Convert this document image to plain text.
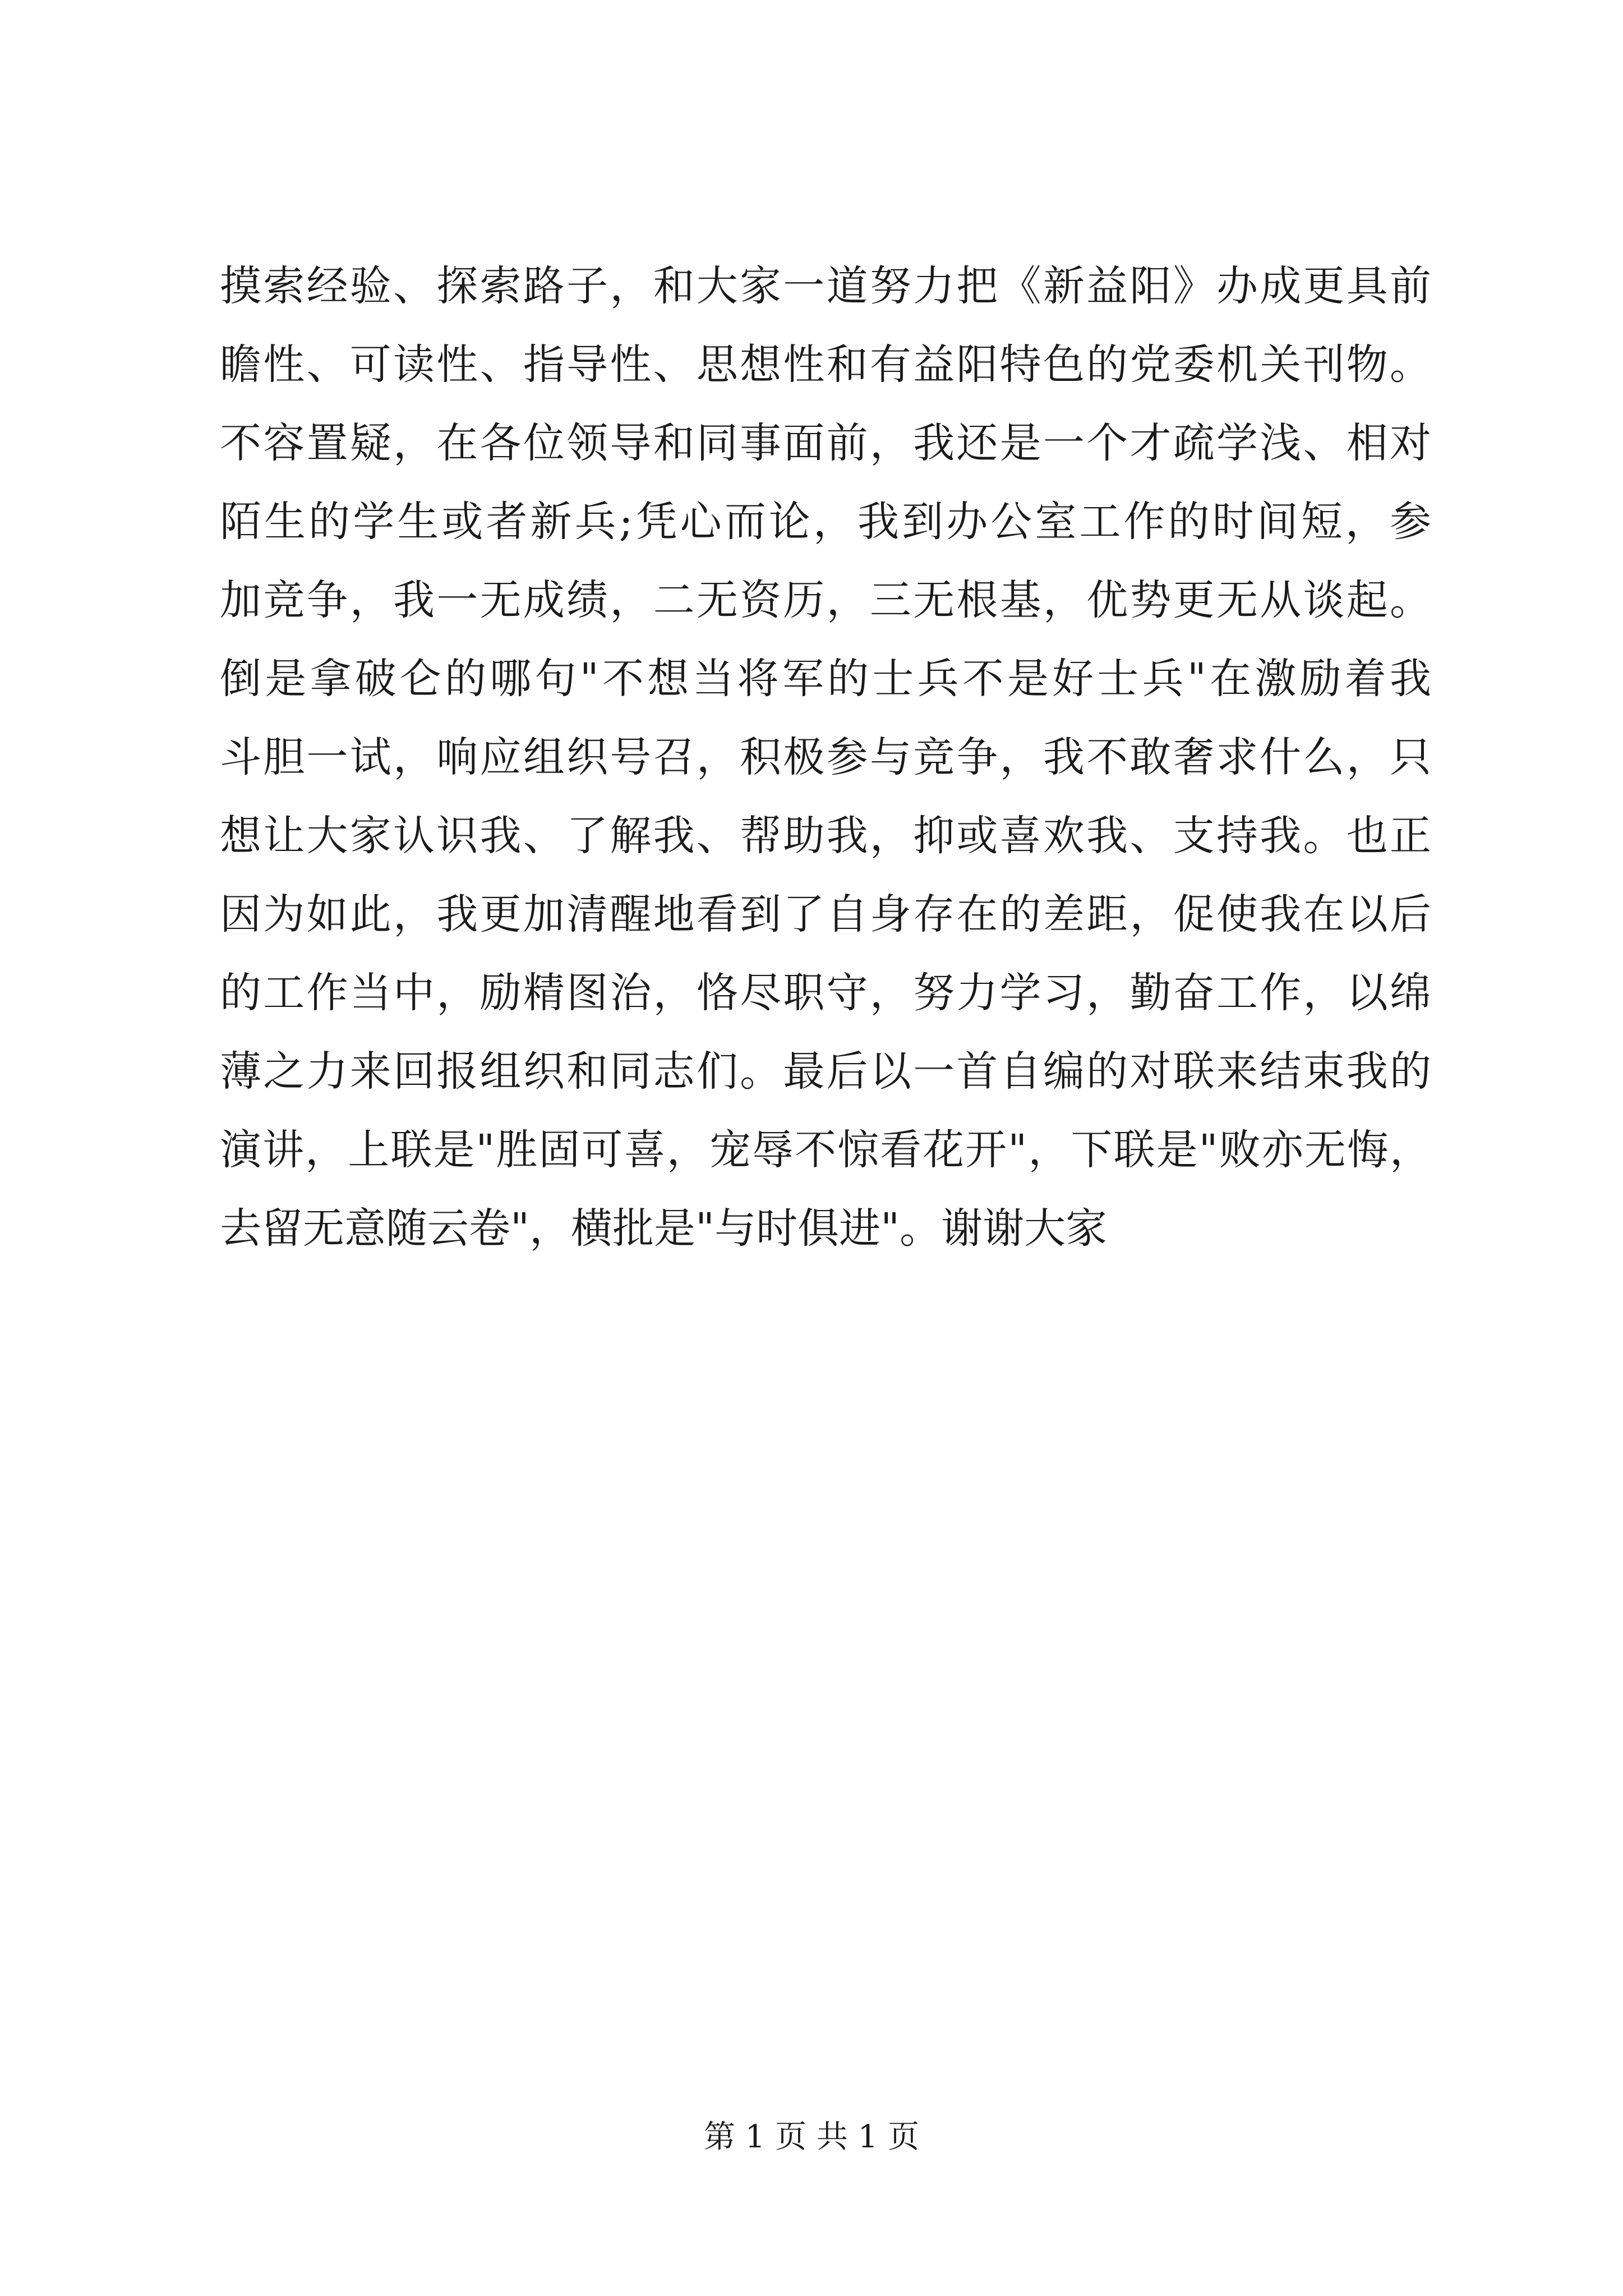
摸索经验、探索路子，和大家一道努力把《新益阳》办成更具前
瞻性、可读性、指导性、思想性和有益阳特色的党委机关刊物。
不容置疑，在各位领导和同事面前，我还是一个才疏学浅、相对
陌生的学生或者新兵;凭心而论，我到办公室工作的时间短，参
加竞争，我一无成绩，二无资历，三无根基，优势更无从谈起。
倒是拿破仑的哪句"不想当将军的士兵不是好士兵"在激励着我
斗胆一试，响应组织号召，积极参与竞争，我不敢奢求什么，只
想让大家认识我、了解我、帮助我，抑或喜欢我、支持我。也正
因为如此，我更加清醒地看到了自身存在的差距，促使我在以后
的工作当中，励精图治，恪尽职守，努力学习，勤奋工作，以绵
薄之力来回报组织和同志们。最后以一首自编的对联来结束我的
演讲，上联是"胜固可喜，宠辱不惊看花开"，下联是"败亦无悔，
去留无意随云卷"，横批是"与时俱进"。谢谢大家
第 1 页 共 1 页
